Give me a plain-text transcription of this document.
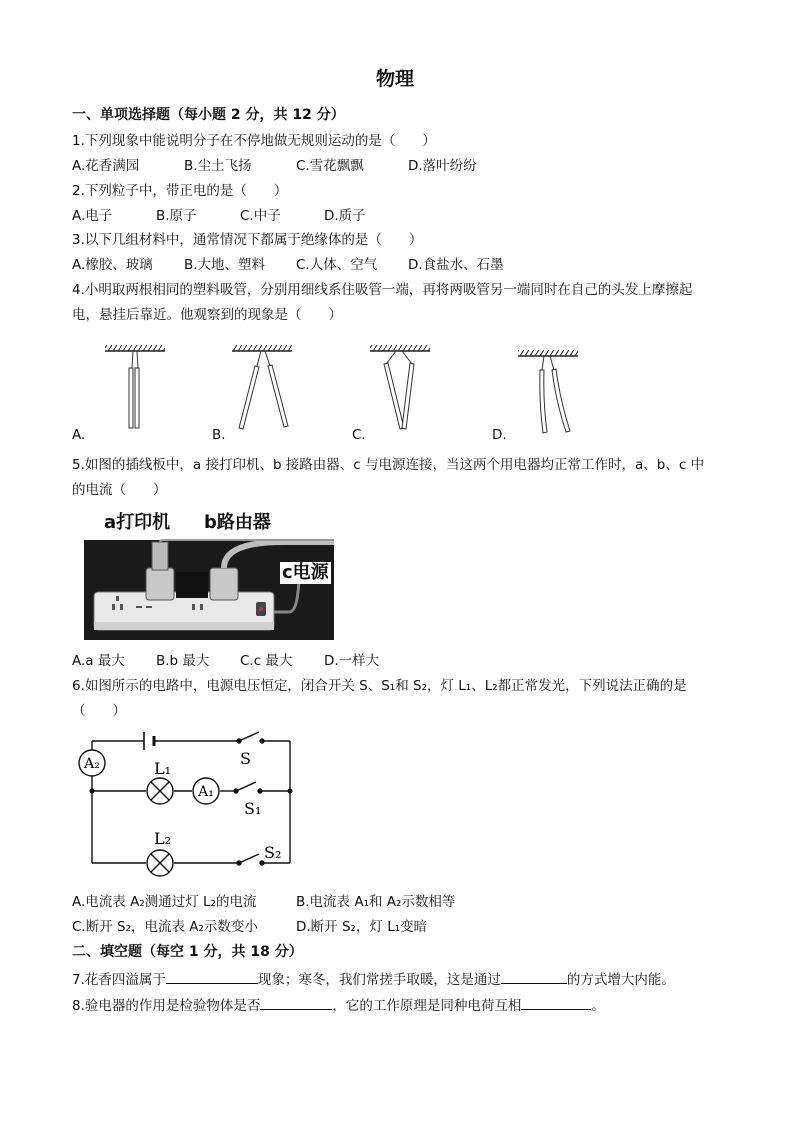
物理
一、单项选择题（每小题 2 分，共 12 分）
1.下列现象中能说明分子在不停地做无规则运动的是（　　）
A.花香满园	B.尘土飞扬	C.雪花飘飘	D.落叶纷纷
2.下列粒子中，带正电的是（　　）
A.电子	B.原子	C.中子	D.质子
3.以下几组材料中，通常情况下都属于绝缘体的是（　　）
A.橡胶、玻璃 B.大地、塑料 C.人体、空气 D.食盐水、石墨
4.小明取两根相同的塑料吸管，分别用细线系住吸管一端，再将两吸管另一端同时在自己的头发上摩擦起
电，悬挂后靠近。他观察到的现象是（　　）
A.	B.	C.	D.
5.如图的插线板中，a 接打印机、b 接路由器、c 与电源连接，当这两个用电器均正常工作时，a、b、c 中
的电流（　　）
a打印机 b路由器
c电源
A.a 最大 B.b 最大 C.c 最大 D.一样大
6.如图所示的电路中，电源电压恒定，闭合开关 S、S₁和 S₂，灯 L₁、L₂都正常发光，下列说法正确的是
（　　）
A₂
A₁
L₁
L₂
S
S₁
S₂
A.电流表 A₂测通过灯 L₂的电流	B.电流表 A₁和 A₂示数相等
C.断开 S₂，电流表 A₂示数变小	D.断开 S₂，灯 L₁变暗
二、填空题（每空 1 分，共 18 分）
7.花香四溢属于	现象；寒冬，我们常搓手取暖，这是通过	的方式增大内能。
8.验电器的作用是检验物体是否	，它的工作原理是同种电荷互相	。
